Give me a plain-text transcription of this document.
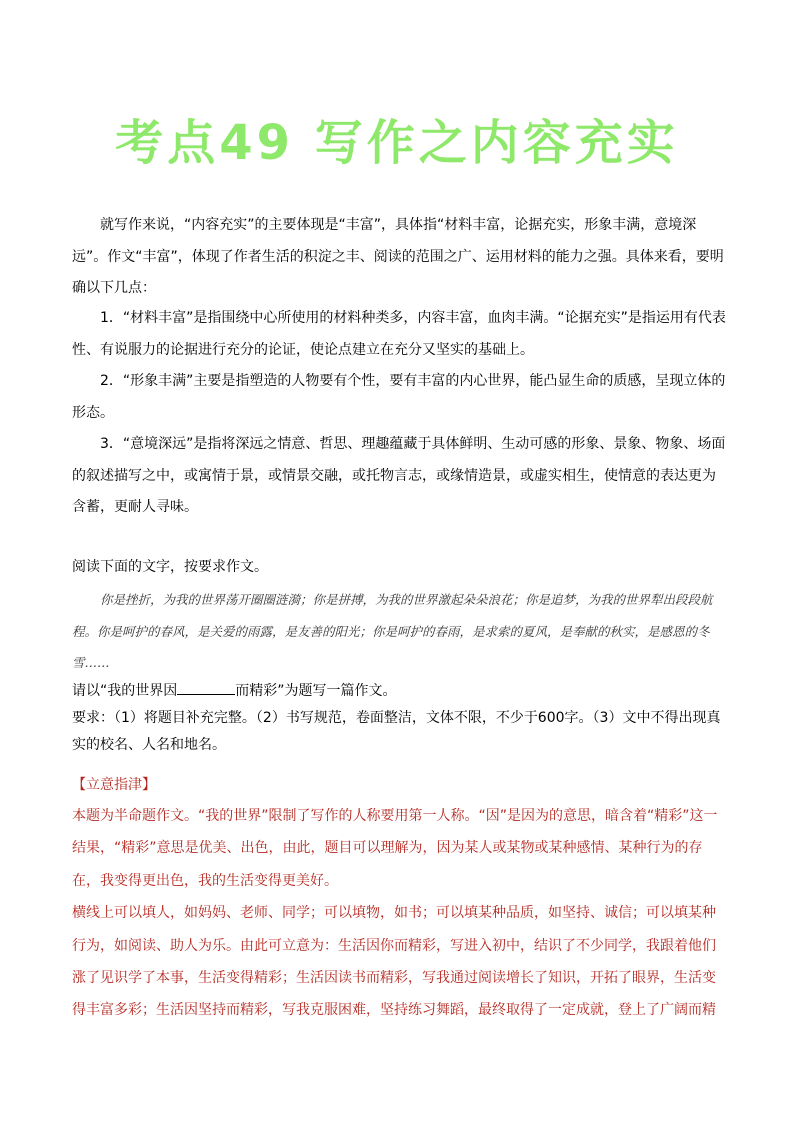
考点49 写作之内容充实

就写作来说，“内容充实”的主要体现是“丰富”，具体指“材料丰富，论据充实，形象丰满，意境深远”。作文“丰富”，体现了作者生活的积淀之丰、阅读的范围之广、运用材料的能力之强。具体来看，要明确以下几点：

1．“材料丰富”是指围绕中心所使用的材料种类多，内容丰富，血肉丰满。“论据充实”是指运用有代表性、有说服力的论据进行充分的论证，使论点建立在充分又坚实的基础上。

2．“形象丰满”主要是指塑造的人物要有个性，要有丰富的内心世界，能凸显生命的质感，呈现立体的形态。

3．“意境深远”是指将深远之情意、哲思、理趣蕴藏于具体鲜明、生动可感的形象、景象、物象、场面的叙述描写之中，或寓情于景，或情景交融，或托物言志，或缘情造景，或虚实相生，使情意的表达更为含蓄，更耐人寻味。

阅读下面的文字，按要求作文。

你是挫折，为我的世界荡开圈圈涟漪；你是拼搏，为我的世界激起朵朵浪花；你是追梦，为我的世界犁出段段航程。你是呵护的春风，是关爱的雨露，是友善的阳光；你是呵护的春雨，是求索的夏风，是奉献的秋实，是感恩的冬雪……

请以“我的世界因	而精彩”为题写一篇作文。

要求：（1）将题目补充完整。（2）书写规范，卷面整洁，文体不限，不少于600字。（3）文中不得出现真实的校名、人名和地名。

【立意指津】

本题为半命题作文。“我的世界”限制了写作的人称要用第一人称。“因”是因为的意思，暗含着“精彩”这一结果，“精彩”意思是优美、出色，由此，题目可以理解为，因为某人或某物或某种感情、某种行为的存在，我变得更出色，我的生活变得更美好。

横线上可以填人，如妈妈、老师、同学；可以填物，如书；可以填某种品质，如坚持、诚信；可以填某种行为，如阅读、助人为乐。由此可立意为：生活因你而精彩，写进入初中，结识了不少同学，我跟着他们涨了见识学了本事，生活变得精彩；生活因读书而精彩，写我通过阅读增长了知识，开拓了眼界，生活变得丰富多彩；生活因坚持而精彩，写我克服困难，坚持练习舞蹈，最终取得了一定成就，登上了广阔而精
